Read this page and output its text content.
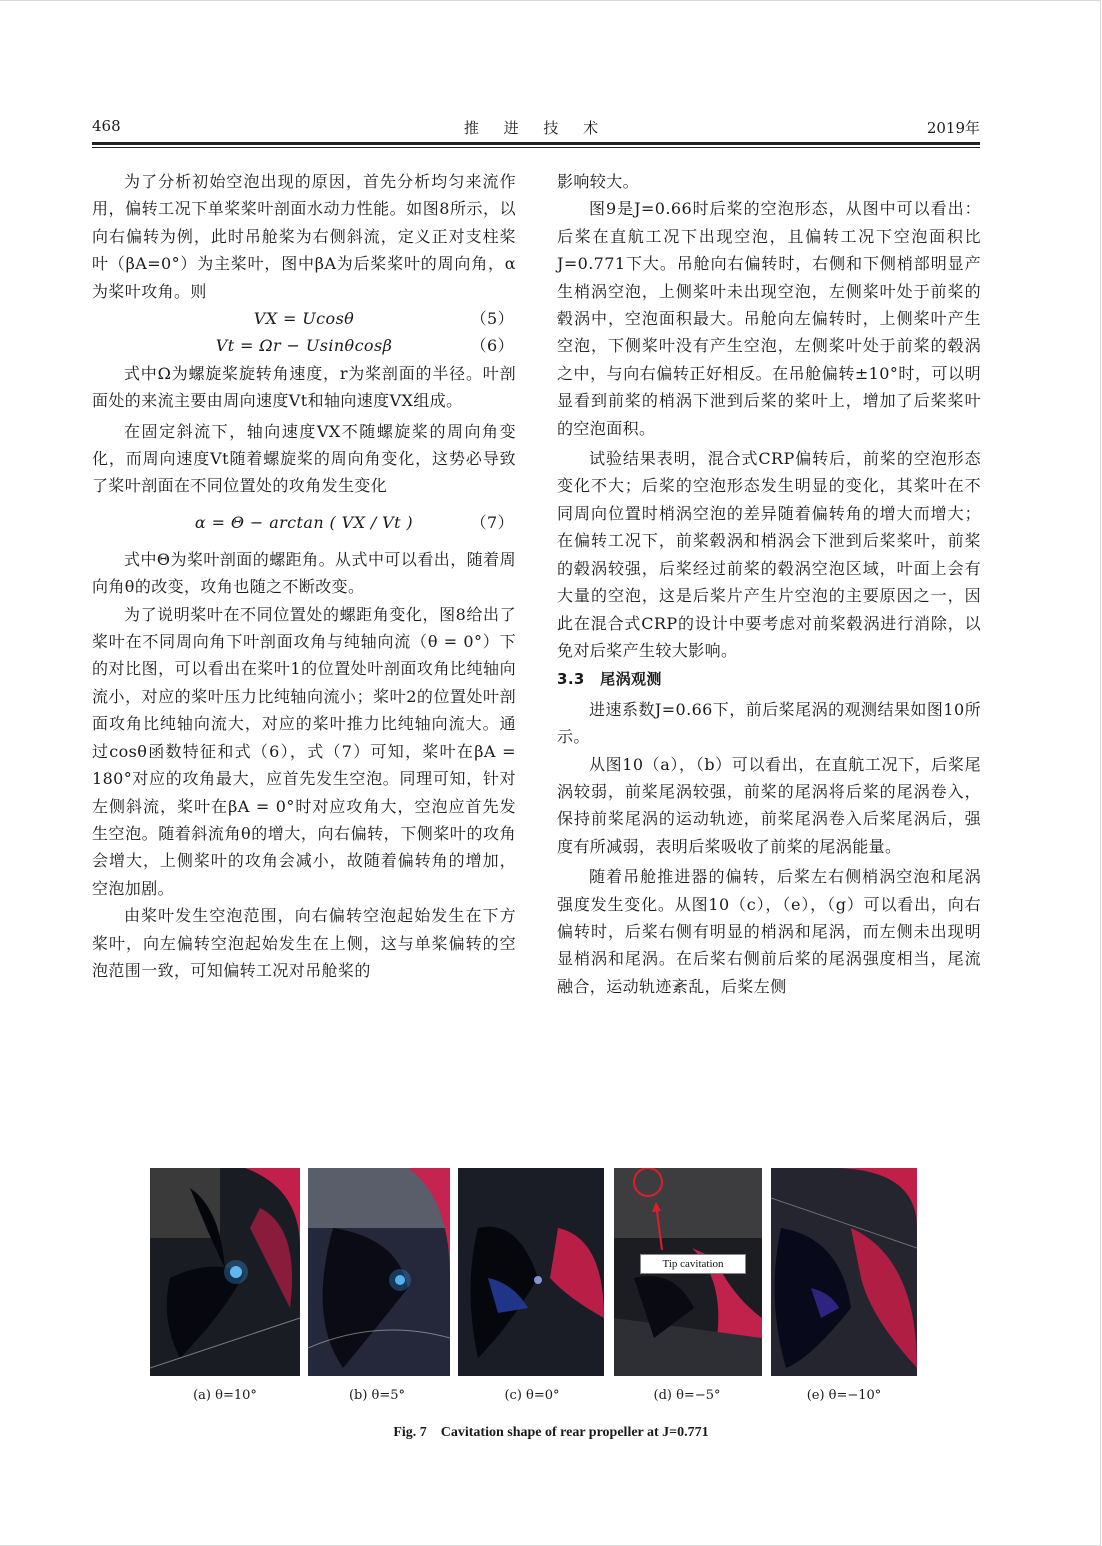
468	推 进 技 术	2019年

为了分析初始空泡出现的原因，首先分析均匀来流作用，偏转工况下单桨桨叶剖面水动力性能。如图8所示，以向右偏转为例，此时吊舱桨为右侧斜流，定义正对支柱桨叶（βA=0°）为主桨叶，图中βA为后桨桨叶的周向角，α为桨叶攻角。则

VX = Ucosθ	（5）
Vt = Ωr − Usinθcosβ	（6）

式中Ω为螺旋桨旋转角速度，r为桨剖面的半径。叶剖面处的来流主要由周向速度Vt和轴向速度VX组成。

在固定斜流下，轴向速度VX不随螺旋桨的周向角变化，而周向速度Vt随着螺旋桨的周向角变化，这势必导致了桨叶剖面在不同位置处的攻角发生变化

α = Θ − arctan ( VX / Vt )	（7）

式中Θ为桨叶剖面的螺距角。从式中可以看出，随着周向角θ的改变，攻角也随之不断改变。

为了说明桨叶在不同位置处的螺距角变化，图8给出了桨叶在不同周向角下叶剖面攻角与纯轴向流（θ = 0°）下的对比图，可以看出在桨叶1的位置处叶剖面攻角比纯轴向流小，对应的桨叶压力比纯轴向流小；桨叶2的位置处叶剖面攻角比纯轴向流大，对应的桨叶推力比纯轴向流大。通过cosθ函数特征和式（6），式（7）可知，桨叶在βA = 180°对应的攻角最大，应首先发生空泡。同理可知，针对左侧斜流，桨叶在βA = 0°时对应攻角大，空泡应首先发生空泡。随着斜流角θ的增大，向右偏转，下侧桨叶的攻角会增大，上侧桨叶的攻角会减小，故随着偏转角的增加，空泡加剧。

由桨叶发生空泡范围，向右偏转空泡起始发生在下方桨叶，向左偏转空泡起始发生在上侧，这与单桨偏转的空泡范围一致，可知偏转工况对吊舱桨的

影响较大。

图9是J=0.66时后桨的空泡形态，从图中可以看出：后桨在直航工况下出现空泡，且偏转工况下空泡面积比J=0.771下大。吊舱向右偏转时，右侧和下侧梢部明显产生梢涡空泡，上侧桨叶未出现空泡，左侧桨叶处于前桨的毂涡中，空泡面积最大。吊舱向左偏转时，上侧桨叶产生空泡，下侧桨叶没有产生空泡，左侧桨叶处于前桨的毂涡之中，与向右偏转正好相反。在吊舱偏转±10°时，可以明显看到前桨的梢涡下泄到后桨的桨叶上，增加了后桨桨叶的空泡面积。

试验结果表明，混合式CRP偏转后，前桨的空泡形态变化不大；后桨的空泡形态发生明显的变化，其桨叶在不同周向位置时梢涡空泡的差异随着偏转角的增大而增大；在偏转工况下，前桨毂涡和梢涡会下泄到后桨桨叶，前桨的毂涡较强，后桨经过前桨的毂涡空泡区域，叶面上会有大量的空泡，这是后桨片产生片空泡的主要原因之一，因此在混合式CRP的设计中要考虑对前桨毂涡进行消除，以免对后桨产生较大影响。

3.3　尾涡观测

进速系数J=0.66下，前后桨尾涡的观测结果如图10所示。

从图10（a），（b）可以看出，在直航工况下，后桨尾涡较弱，前桨尾涡较强，前桨的尾涡将后桨的尾涡卷入，保持前桨尾涡的运动轨迹，前桨尾涡卷入后桨尾涡后，强度有所减弱，表明后桨吸收了前桨的尾涡能量。

随着吊舱推进器的偏转，后桨左右侧梢涡空泡和尾涡强度发生变化。从图10（c），（e），（g）可以看出，向右偏转时，后桨右侧有明显的梢涡和尾涡，而左侧未出现明显梢涡和尾涡。在后桨右侧前后桨的尾涡强度相当，尾流融合，运动轨迹紊乱，后桨左侧

Tip cavitation
(a) θ=10°	(b) θ=5°	(c) θ=0°	(d) θ=−5°	(e) θ=−10°
Fig. 7　Cavitation shape of rear propeller at J=0.771
